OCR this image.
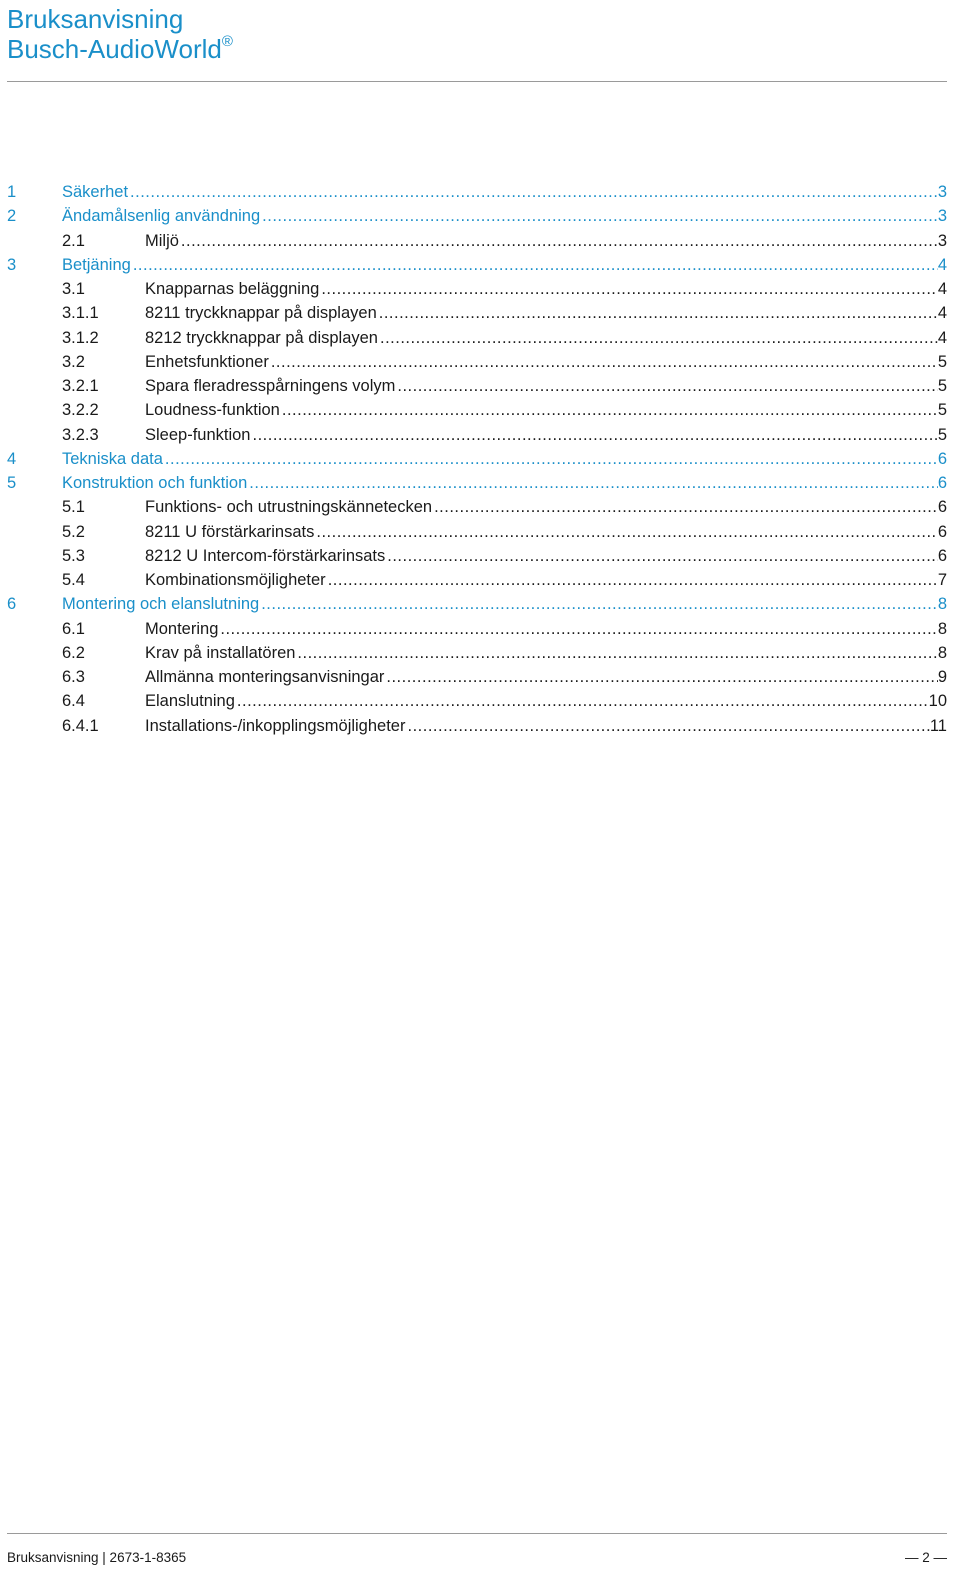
Bruksanvisning
Busch-AudioWorld®
1	Säkerhet .....	3
2	Ändamålsenlig användning .....	3
2.1	Miljö .....	3
3	Betjäning .....	4
3.1	Knapparnas beläggning .....	4
3.1.1	8211 tryckknappar på displayen .....	4
3.1.2	8212 tryckknappar på displayen .....	4
3.2	Enhetsfunktioner .....	5
3.2.1	Spara fleradresspårningens volym .....	5
3.2.2	Loudness-funktion .....	5
3.2.3	Sleep-funktion .....	5
4	Tekniska data .....	6
5	Konstruktion och funktion .....	6
5.1	Funktions- och utrustningskännetecken .....	6
5.2	8211 U förstärkarinsats .....	6
5.3	8212 U Intercom-förstärkarinsats .....	6
5.4	Kombinationsmöjligheter .....	7
6	Montering och elanslutning .....	8
6.1	Montering .....	8
6.2	Krav på installatören .....	8
6.3	Allmänna monteringsanvisningar .....	9
6.4	Elanslutning .....	10
6.4.1	Installations-/inkopplingsmöjligheter .....	11
Bruksanvisning | 2673-1-8365	— 2 —
